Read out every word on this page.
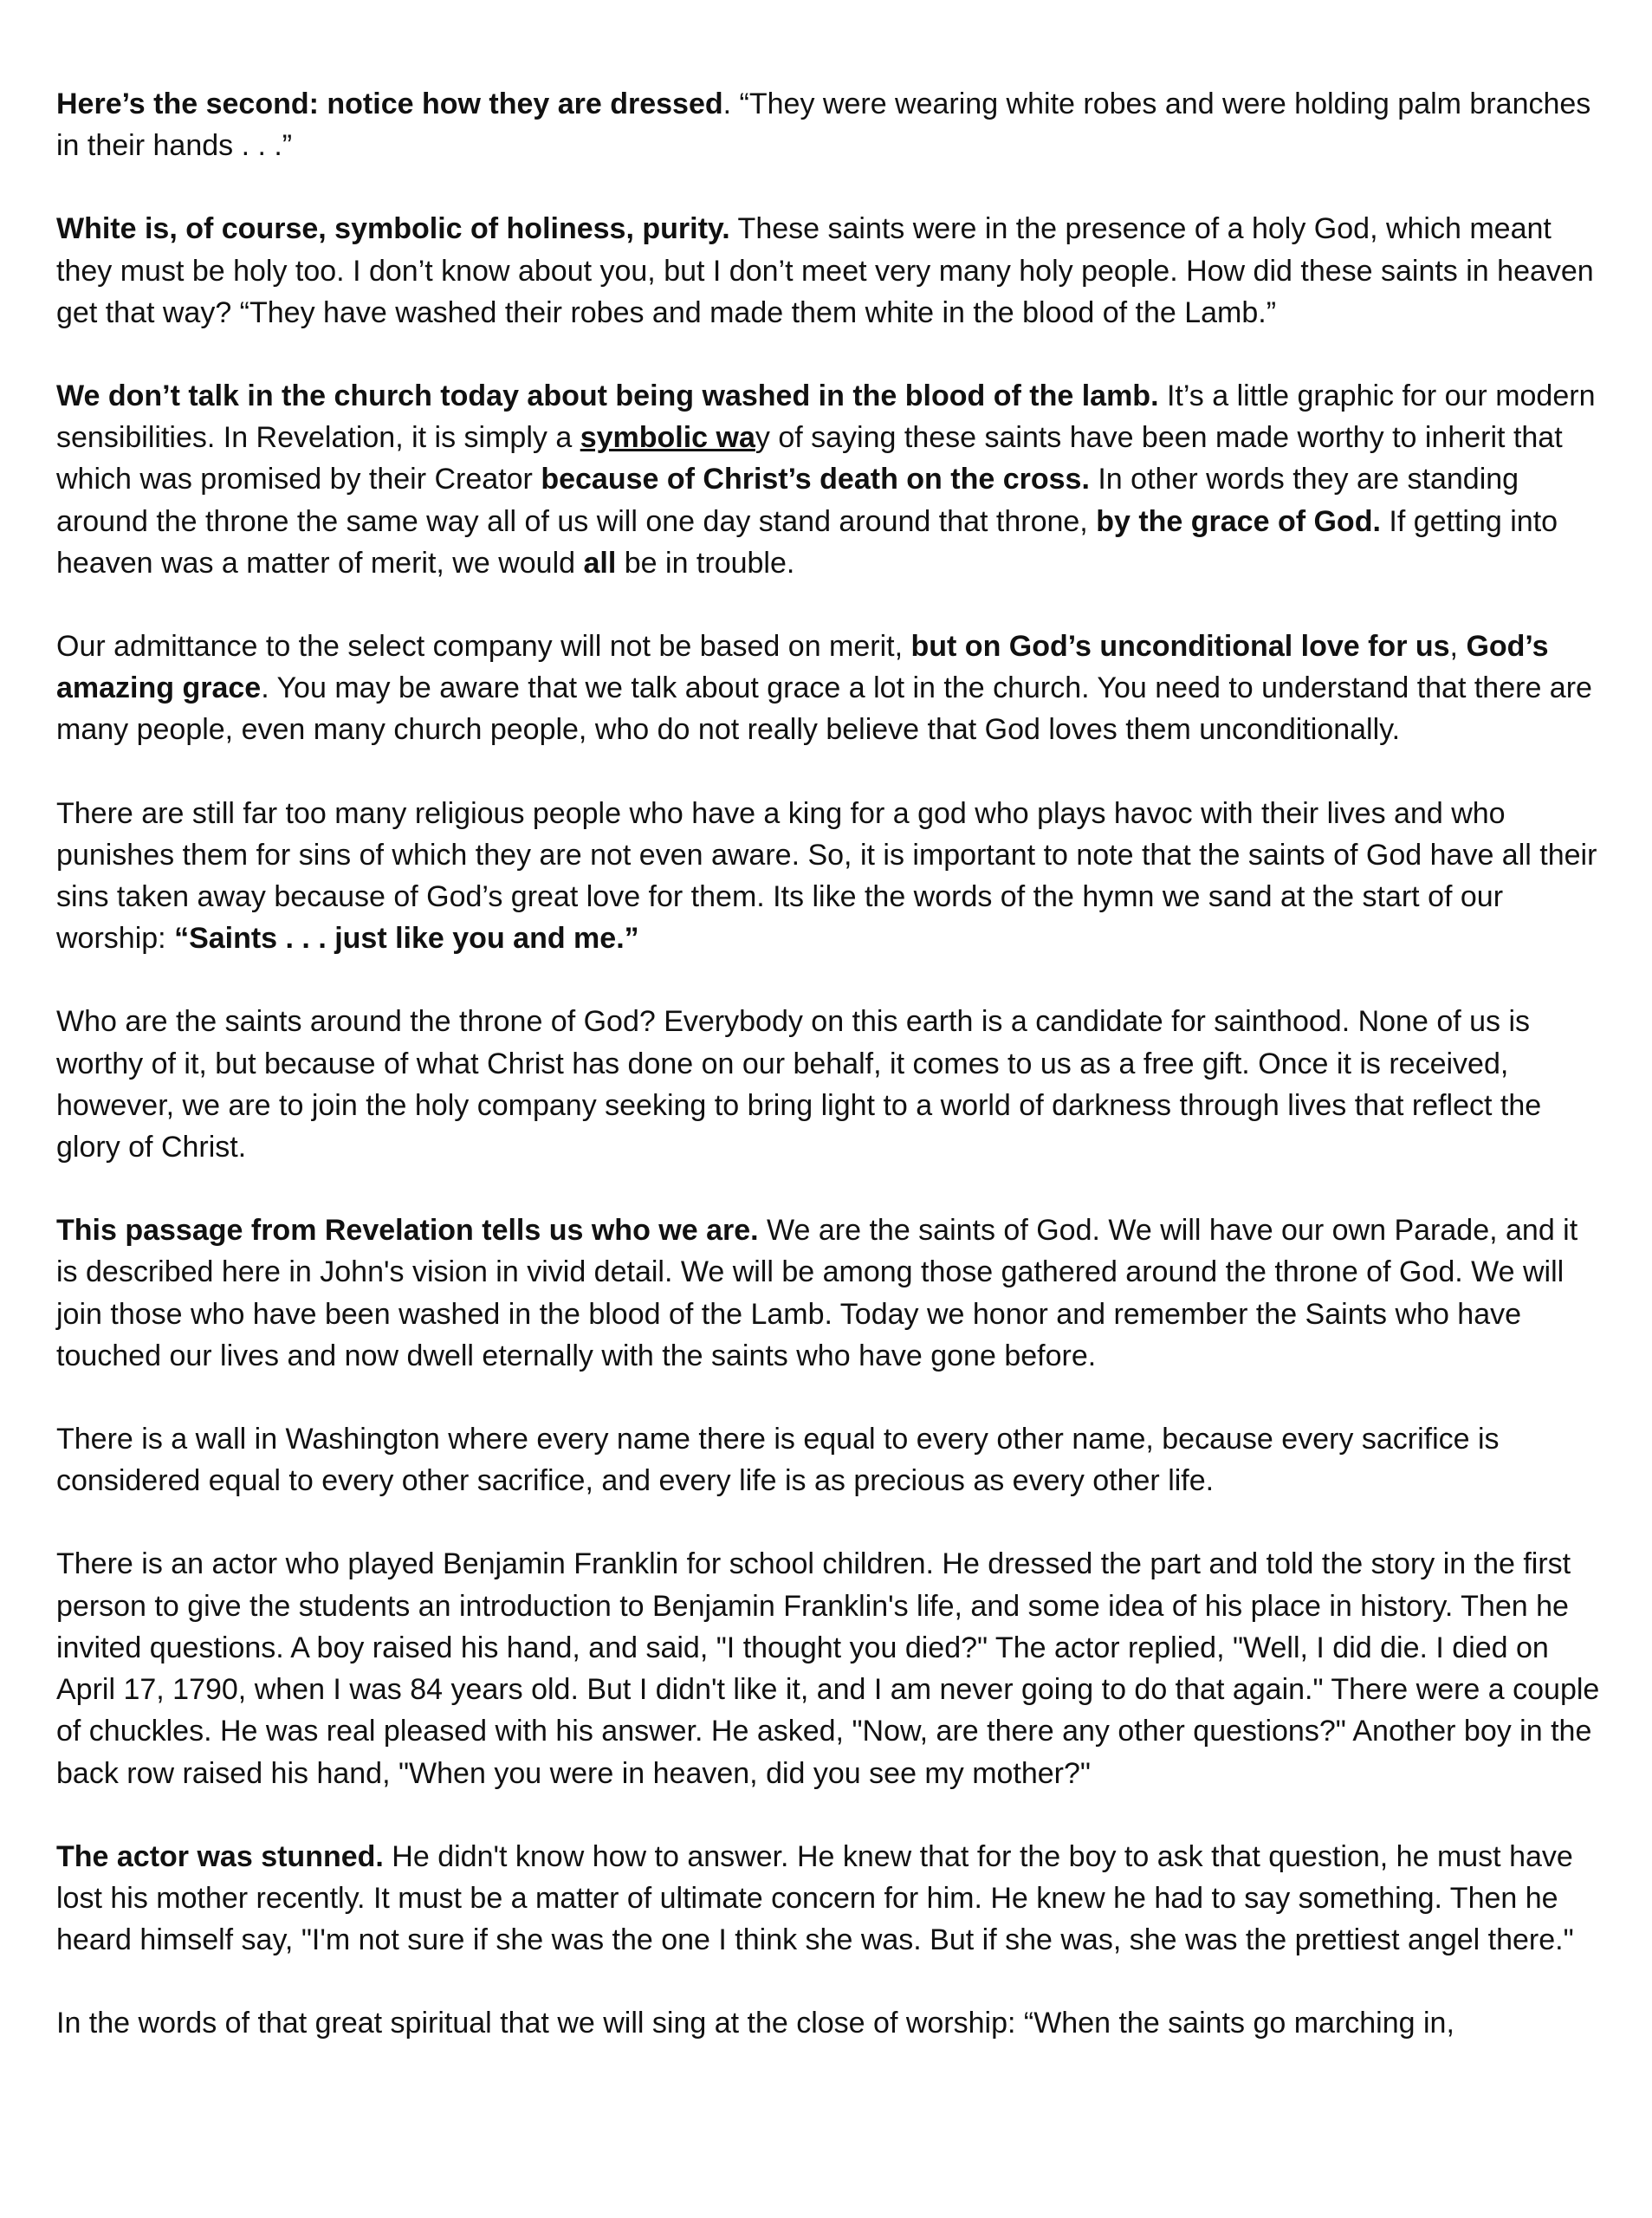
Here’s the second: notice how they are dressed. “They were wearing white robes and were holding palm branches in their hands . . .”

White is, of course, symbolic of holiness, purity. These saints were in the presence of a holy God, which meant they must be holy too. I don’t know about you, but I don’t meet very many holy people. How did these saints in heaven get that way? “They have washed their robes and made them white in the blood of the Lamb.”

We don’t talk in the church today about being washed in the blood of the lamb. It’s a little graphic for our modern sensibilities. In Revelation, it is simply a symbolic way of saying these saints have been made worthy to inherit that which was promised by their Creator because of Christ’s death on the cross. In other words they are standing around the throne the same way all of us will one day stand around that throne, by the grace of God. If getting into heaven was a matter of merit, we would all be in trouble.

Our admittance to the select company will not be based on merit, but on God’s unconditional love for us, God’s amazing grace. You may be aware that we talk about grace a lot in the church. You need to understand that there are many people, even many church people, who do not really believe that God loves them unconditionally.

There are still far too many religious people who have a king for a god who plays havoc with their lives and who punishes them for sins of which they are not even aware. So, it is important to note that the saints of God have all their sins taken away because of God’s great love for them. Its like the words of the hymn we sand at the start of our worship: “Saints . . . just like you and me.”

Who are the saints around the throne of God? Everybody on this earth is a candidate for sainthood. None of us is worthy of it, but because of what Christ has done on our behalf, it comes to us as a free gift. Once it is received, however, we are to join the holy company seeking to bring light to a world of darkness through lives that reflect the glory of Christ.

This passage from Revelation tells us who we are. We are the saints of God. We will have our own Parade, and it is described here in John's vision in vivid detail. We will be among those gathered around the throne of God. We will join those who have been washed in the blood of the Lamb. Today we honor and remember the Saints who have touched our lives and now dwell eternally with the saints who have gone before.

There is a wall in Washington where every name there is equal to every other name, because every sacrifice is considered equal to every other sacrifice, and every life is as precious as every other life.

There is an actor who played Benjamin Franklin for school children. He dressed the part and told the story in the first person to give the students an introduction to Benjamin Franklin's life, and some idea of his place in history. Then he invited questions. A boy raised his hand, and said, "I thought you died?" The actor replied, "Well, I did die. I died on April 17, 1790, when I was 84 years old. But I didn't like it, and I am never going to do that again." There were a couple of chuckles. He was real pleased with his answer. He asked, "Now, are there any other questions?" Another boy in the back row raised his hand, "When you were in heaven, did you see my mother?"

The actor was stunned. He didn't know how to answer. He knew that for the boy to ask that question, he must have lost his mother recently. It must be a matter of ultimate concern for him. He knew he had to say something. Then he heard himself say, "I'm not sure if she was the one I think she was. But if she was, she was the prettiest angel there."

In the words of that great spiritual that we will sing at the close of worship: “When the saints go marching in,
